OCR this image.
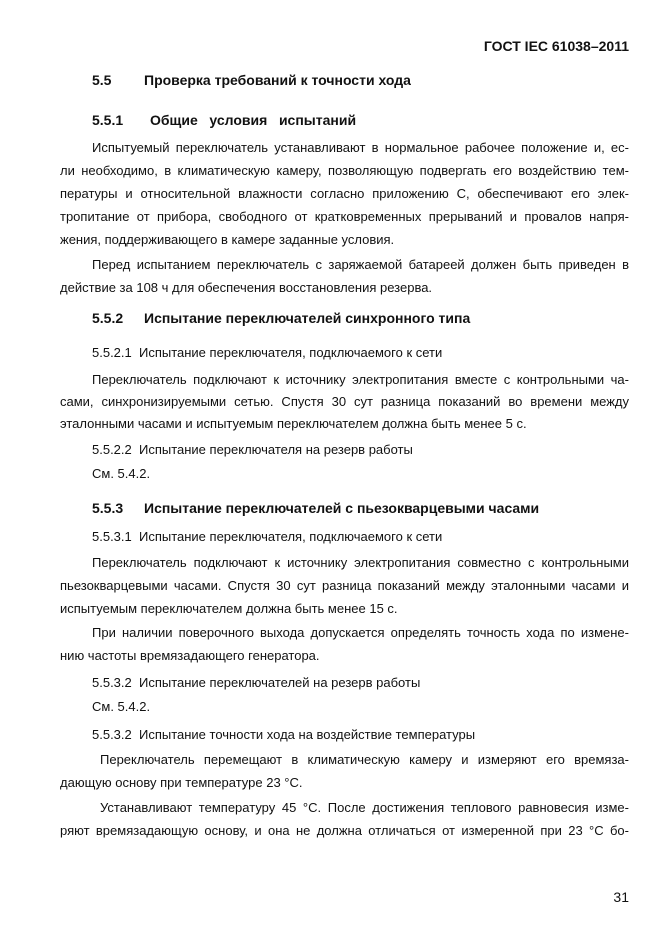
ГОСТ IEC 61038–2011
5.5 Проверка требований к точности хода
5.5.1 Общие   условия   испытаний
Испытуемый переключатель устанавливают в нормальное рабочее положение и, ес-
ли необходимо, в климатическую камеру, позволяющую подвергать его воздействию тем-
пературы и относительной влажности согласно приложению С, обеспечивают его элек-
тропитание от прибора, свободного от кратковременных прерываний и провалов напря-
жения, поддерживающего в камере заданные условия.
Перед испытанием переключатель с заряжаемой батареей должен быть приведен в
действие за 108 ч для обеспечения восстановления резерва.
5.5.2 Испытание переключателей синхронного типа
5.5.2.1  Испытание переключателя, подключаемого к сети
Переключатель подключают к источнику электропитания вместе с контрольными ча-
сами, синхронизируемыми сетью. Спустя 30 сут разница показаний во времени между
эталонными часами и испытуемым переключателем должна быть менее 5 с.
5.5.2.2  Испытание переключателя на резерв работы
См. 5.4.2.
5.5.3 Испытание переключателей с пьезокварцевыми часами
5.5.3.1  Испытание переключателя, подключаемого к сети
Переключатель подключают к источнику электропитания совместно с контрольными
пьезокварцевыми часами. Спустя 30 сут разница показаний между эталонными часами и
испытуемым переключателем должна быть менее 15 с.
При наличии поверочного выхода допускается определять точность хода по измене-
нию частоты времязадающего генератора.
5.5.3.2  Испытание переключателей на резерв работы
См. 5.4.2.
5.5.3.2  Испытание точности хода на воздействие температуры
Переключатель перемещают в климатическую камеру и измеряют его времяза-
дающую основу при температуре 23 °С.
Устанавливают температуру 45 °С. После достижения теплового равновесия изме-
ряют времязадающую основу, и она не должна отличаться от измеренной при 23 °С бо-
31
